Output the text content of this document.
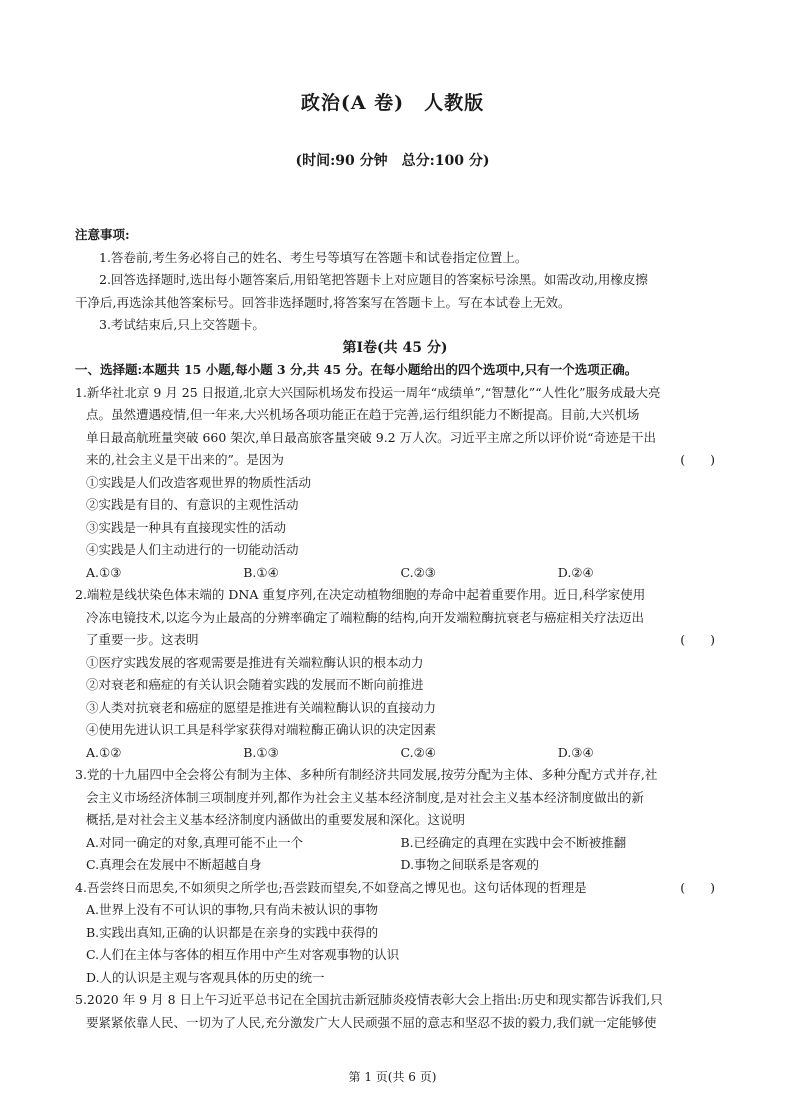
政治(A 卷)　人教版
(时间:90 分钟　总分:100 分)
注意事项:
1.答卷前,考生务必将自己的姓名、考生号等填写在答题卡和试卷指定位置上。
2.回答选择题时,选出每小题答案后,用铅笔把答题卡上对应题目的答案标号涂黑。如需改动,用橡皮擦
干净后,再选涂其他答案标号。回答非选择题时,将答案写在答题卡上。写在本试卷上无效。
3.考试结束后,只上交答题卡。
第Ⅰ卷(共 45 分)
一、选择题:本题共 15 小题,每小题 3 分,共 45 分。在每小题给出的四个选项中,只有一个选项正确。
1.新华社北京 9 月 25 日报道,北京大兴国际机场发布投运一周年“成绩单”,“智慧化”“人性化”服务成最大亮
点。虽然遭遇疫情,但一年来,大兴机场各项功能正在趋于完善,运行组织能力不断提高。目前,大兴机场
单日最高航班量突破 660 架次,单日最高旅客量突破 9.2 万人次。习近平主席之所以评价说“奇迹是干出
来的,社会主义是干出来的”。是因为	(　　)
①实践是人们改造客观世界的物质性活动
②实践是有目的、有意识的主观性活动
③实践是一种具有直接现实性的活动
④实践是人们主动进行的一切能动活动
A.①③	B.①④	C.②③	D.②④
2.端粒是线状染色体末端的 DNA 重复序列,在决定动植物细胞的寿命中起着重要作用。近日,科学家使用
冷冻电镜技术,以迄今为止最高的分辨率确定了端粒酶的结构,向开发端粒酶抗衰老与癌症相关疗法迈出
了重要一步。这表明	(　　)
①医疗实践发展的客观需要是推进有关端粒酶认识的根本动力
②对衰老和癌症的有关认识会随着实践的发展而不断向前推进
③人类对抗衰老和癌症的愿望是推进有关端粒酶认识的直接动力
④使用先进认识工具是科学家获得对端粒酶正确认识的决定因素
A.①②	B.①③	C.②④	D.③④
3.党的十九届四中全会将公有制为主体、多种所有制经济共同发展,按劳分配为主体、多种分配方式并存,社
会主义市场经济体制三项制度并列,都作为社会主义基本经济制度,是对社会主义基本经济制度做出的新
概括,是对社会主义基本经济制度内涵做出的重要发展和深化。这说明
A.对同一确定的对象,真理可能不止一个	B.已经确定的真理在实践中会不断被推翻
C.真理会在发展中不断超越自身	D.事物之间联系是客观的
4.吾尝终日而思矣,不如须臾之所学也;吾尝跂而望矣,不如登高之博见也。这句话体现的哲理是	(　　)
A.世界上没有不可认识的事物,只有尚未被认识的事物
B.实践出真知,正确的认识都是在亲身的实践中获得的
C.人们在主体与客体的相互作用中产生对客观事物的认识
D.人的认识是主观与客观具体的历史的统一
5.2020 年 9 月 8 日上午习近平总书记在全国抗击新冠肺炎疫情表彰大会上指出:历史和现实都告诉我们,只
要紧紧依靠人民、一切为了人民,充分激发广大人民顽强不屈的意志和坚忍不拔的毅力,我们就一定能够使
第 1 页(共 6 页)
